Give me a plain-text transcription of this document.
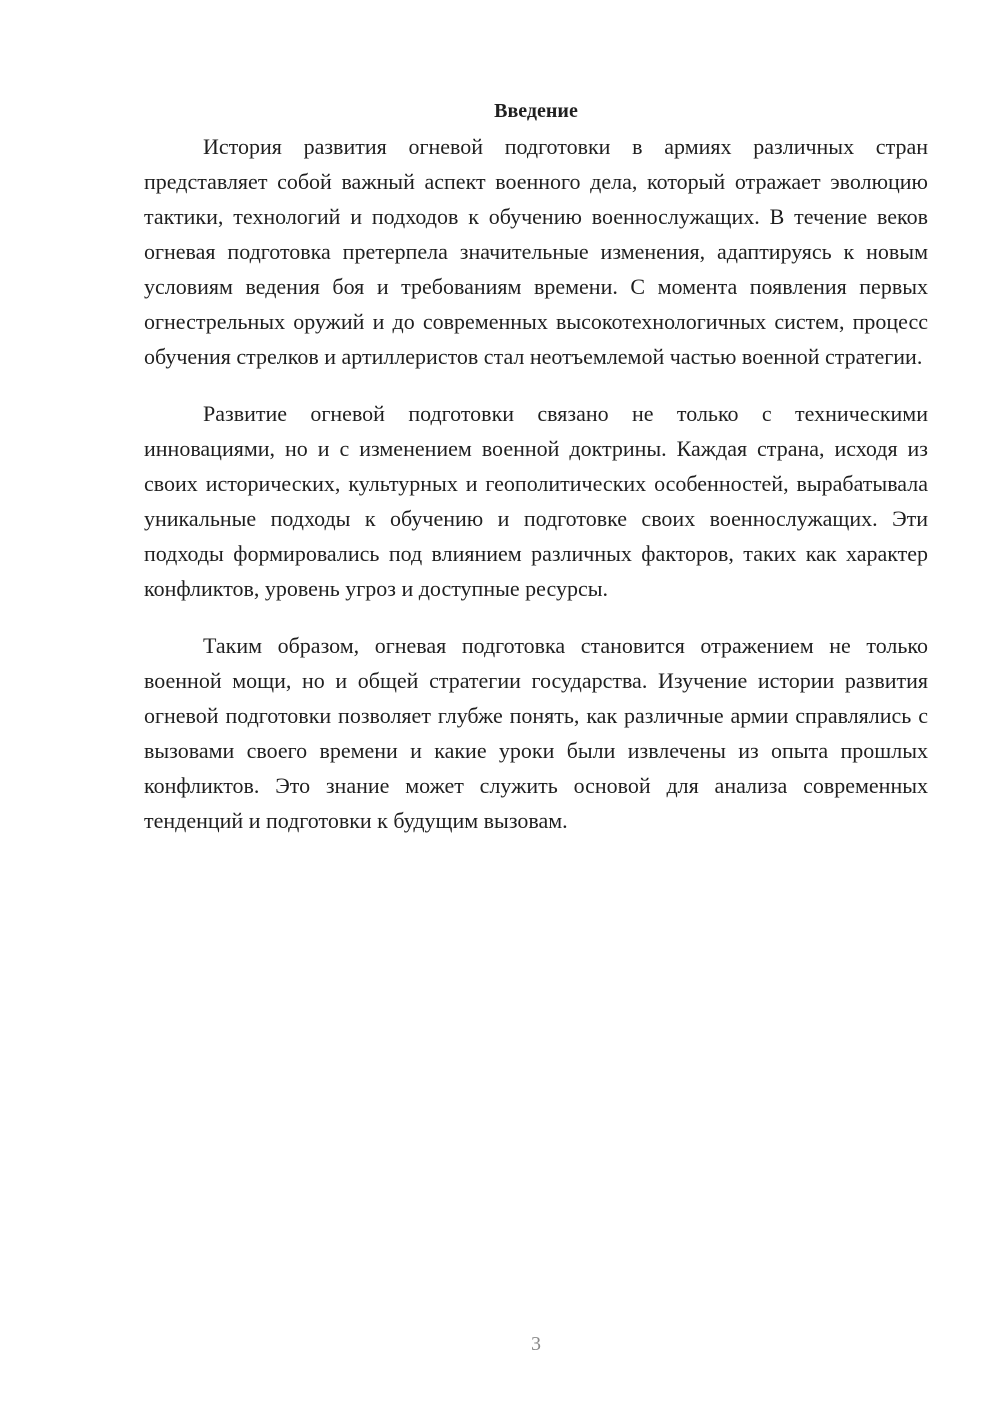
Введение

История развития огневой подготовки в армиях различных стран представляет собой важный аспект военного дела, который отражает эволюцию тактики, технологий и подходов к обучению военнослужащих. В течение веков огневая подготовка претерпела значительные изменения, адаптируясь к новым условиям ведения боя и требованиям времени. С момента появления первых огнестрельных оружий и до современных высокотехнологичных систем, процесс обучения стрелков и артиллеристов стал неотъемлемой частью военной стратегии.

Развитие огневой подготовки связано не только с техническими инновациями, но и с изменением военной доктрины. Каждая страна, исходя из своих исторических, культурных и геополитических особенностей, вырабатывала уникальные подходы к обучению и подготовке своих военнослужащих. Эти подходы формировались под влиянием различных факторов, таких как характер конфликтов, уровень угроз и доступные ресурсы.

Таким образом, огневая подготовка становится отражением не только военной мощи, но и общей стратегии государства. Изучение истории развития огневой подготовки позволяет глубже понять, как различные армии справлялись с вызовами своего времени и какие уроки были извлечены из опыта прошлых конфликтов. Это знание может служить основой для анализа современных тенденций и подготовки к будущим вызовам.

3
